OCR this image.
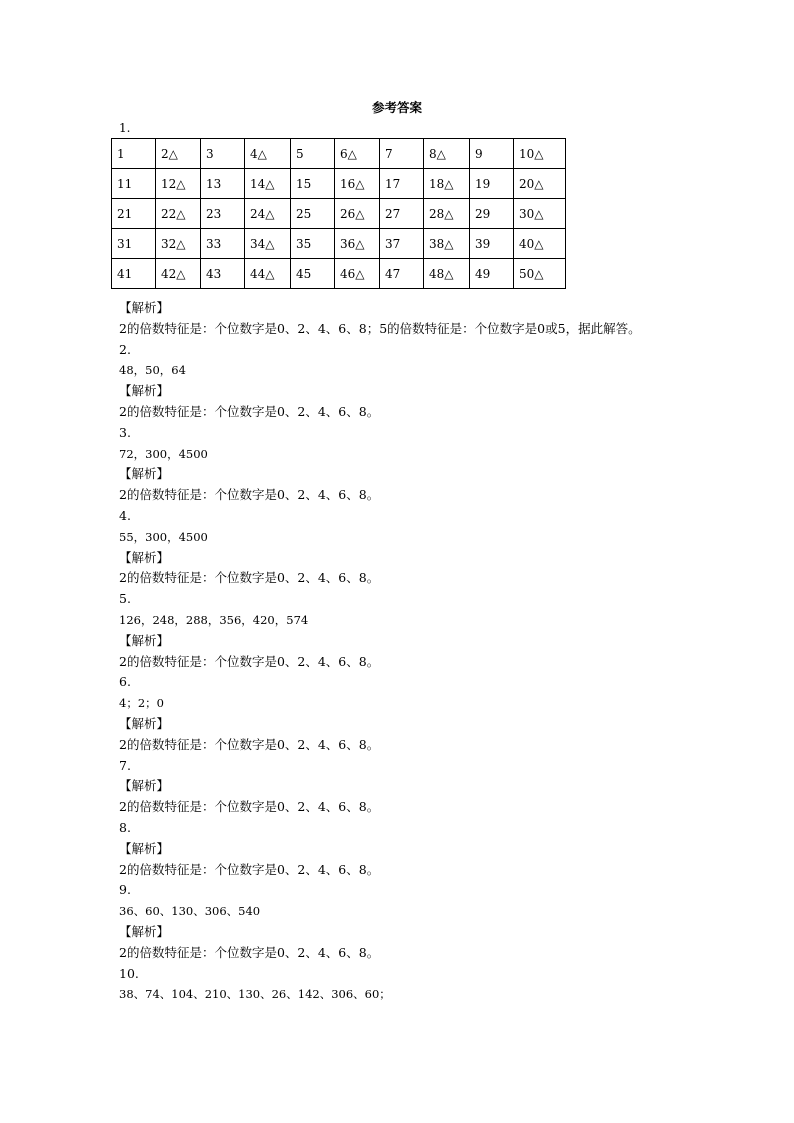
参考答案
1.
1	2△	3	4△	5	6△	7	8△	9	10△
11	12△	13	14△	15	16△	17	18△	19	20△
21	22△	23	24△	25	26△	27	28△	29	30△
31	32△	33	34△	35	36△	37	38△	39	40△
41	42△	43	44△	45	46△	47	48△	49	50△
【解析】
2的倍数特征是：个位数字是0、2、4、6、8；5的倍数特征是：个位数字是0或5，据此解答。
2.
48，50，64
【解析】
2的倍数特征是：个位数字是0、2、4、6、8。
3.
72，300，4500
【解析】
2的倍数特征是：个位数字是0、2、4、6、8。
4.
55，300，4500
【解析】
2的倍数特征是：个位数字是0、2、4、6、8。
5.
126，248，288，356，420，574
【解析】
2的倍数特征是：个位数字是0、2、4、6、8。
6.
4；2；0
【解析】
2的倍数特征是：个位数字是0、2、4、6、8。
7.
【解析】
2的倍数特征是：个位数字是0、2、4、6、8。
8.
【解析】
2的倍数特征是：个位数字是0、2、4、6、8。
9.
36、60、130、306、540
【解析】
2的倍数特征是：个位数字是0、2、4、6、8。
10.
38、74、104、210、130、26、142、306、60；
